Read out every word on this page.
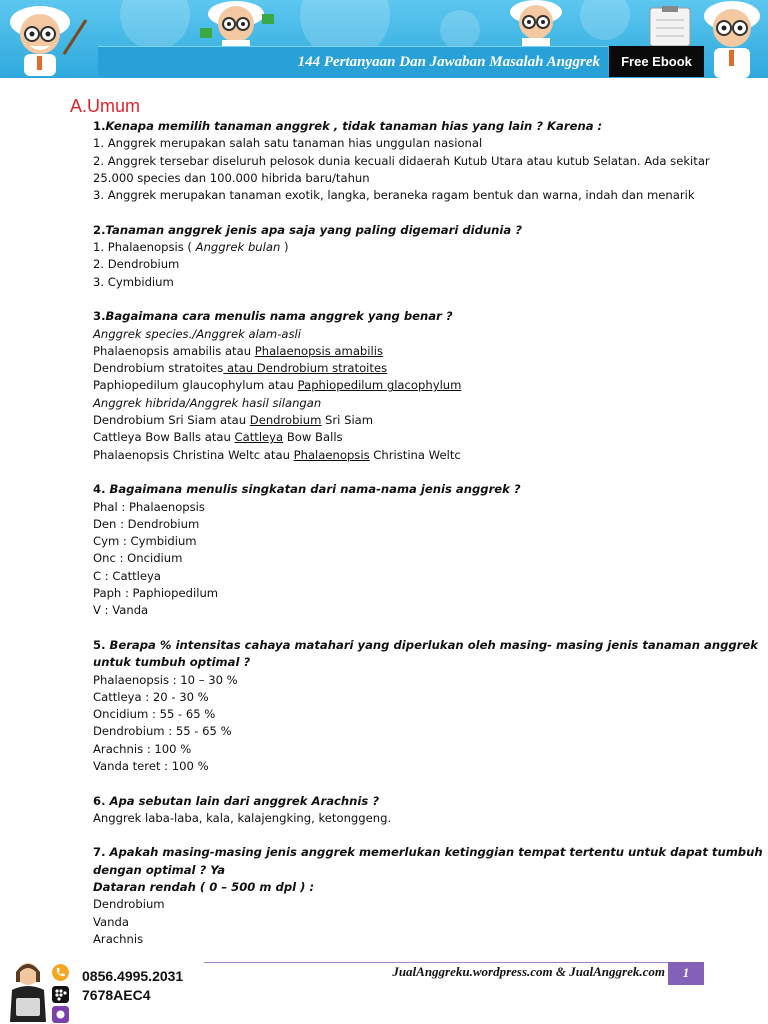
144 Pertanyaan Dan Jawaban Masalah Anggrek	Free Ebook
A.Umum
1.Kenapa memilih tanaman anggrek , tidak tanaman hias yang lain ? Karena :
1. Anggrek merupakan salah satu tanaman hias unggulan nasional
2. Anggrek tersebar diseluruh pelosok dunia kecuali didaerah Kutub Utara atau kutub Selatan. Ada sekitar
25.000 species dan 100.000 hibrida baru/tahun
3. Anggrek merupakan tanaman exotik, langka, beraneka ragam bentuk dan warna, indah dan menarik
2.Tanaman anggrek jenis apa saja yang paling digemari didunia ?
1. Phalaenopsis ( Anggrek bulan )
2. Dendrobium
3. Cymbidium
3.Bagaimana cara menulis nama anggrek yang benar ?
Anggrek species./Anggrek alam-asli
Phalaenopsis amabilis atau Phalaenopsis amabilis
Dendrobium stratoites atau Dendrobium stratoites
Paphiopedilum glaucophylum atau Paphiopedilum glacophylum
Anggrek hibrida/Anggrek hasil silangan
Dendrobium Sri Siam atau Dendrobium Sri Siam
Cattleya Bow Balls atau Cattleya Bow Balls
Phalaenopsis Christina Weltc atau Phalaenopsis Christina Weltc
4. Bagaimana menulis singkatan dari nama-nama jenis anggrek ?
Phal : Phalaenopsis
Den : Dendrobium
Cym : Cymbidium
Onc : Oncidium
C : Cattleya
Paph : Paphiopedilum
V : Vanda
5. Berapa % intensitas cahaya matahari yang diperlukan oleh masing- masing jenis tanaman anggrek
untuk tumbuh optimal ?
Phalaenopsis : 10 – 30 %
Cattleya : 20 - 30 %
Oncidium : 55 - 65 %
Dendrobium : 55 - 65 %
Arachnis : 100 %
Vanda teret : 100 %
6. Apa sebutan lain dari anggrek Arachnis ?
Anggrek laba-laba, kala, kalajengking, ketonggeng.
7. Apakah masing-masing jenis anggrek memerlukan ketinggian tempat tertentu untuk dapat tumbuh
dengan optimal ? Ya
Dataran rendah ( 0 – 500 m dpl ) :
Dendrobium
Vanda
Arachnis
0856.4995.2031
7678AEC4
JualAnggreku.wordpress.com & JualAnggrek.com	1
